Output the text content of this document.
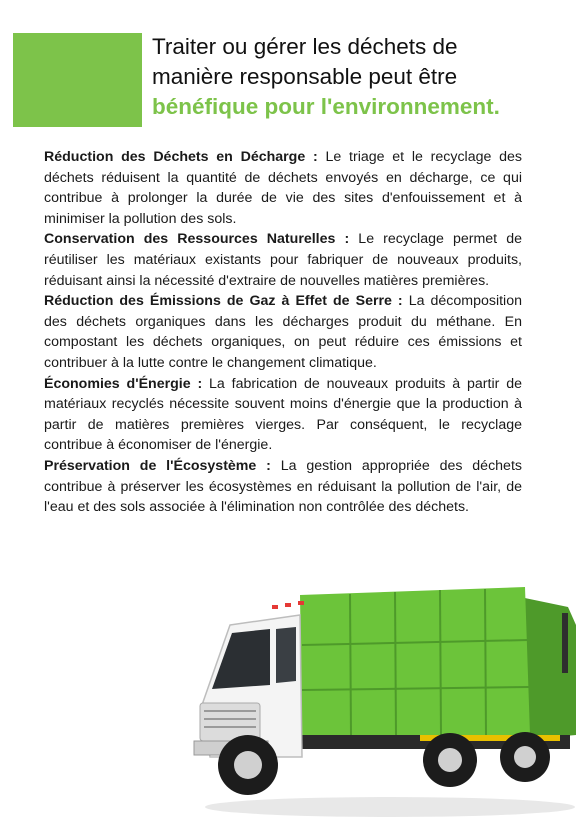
Traiter ou gérer les déchets de
manière responsable peut être
bénéfique pour l'environnement.

Réduction des Déchets en Décharge : Le triage et le recyclage des déchets réduisent la quantité de déchets envoyés en décharge, ce qui contribue à prolonger la durée de vie des sites d'enfouissement et à minimiser la pollution des sols.

Conservation des Ressources Naturelles : Le recyclage permet de réutiliser les matériaux existants pour fabriquer de nouveaux produits, réduisant ainsi la nécessité d'extraire de nouvelles matières premières.

Réduction des Émissions de Gaz à Effet de Serre : La décomposition des déchets organiques dans les décharges produit du méthane. En compostant les déchets organiques, on peut réduire ces émissions et contribuer à la lutte contre le changement climatique.

Économies d'Énergie : La fabrication de nouveaux produits à partir de matériaux recyclés nécessite souvent moins d'énergie que la production à partir de matières premières vierges. Par conséquent, le recyclage contribue à économiser de l'énergie.

Préservation de l'Écosystème : La gestion appropriée des déchets contribue à préserver les écosystèmes en réduisant la pollution de l'air, de l'eau et des sols associée à l'élimination non contrôlée des déchets.
